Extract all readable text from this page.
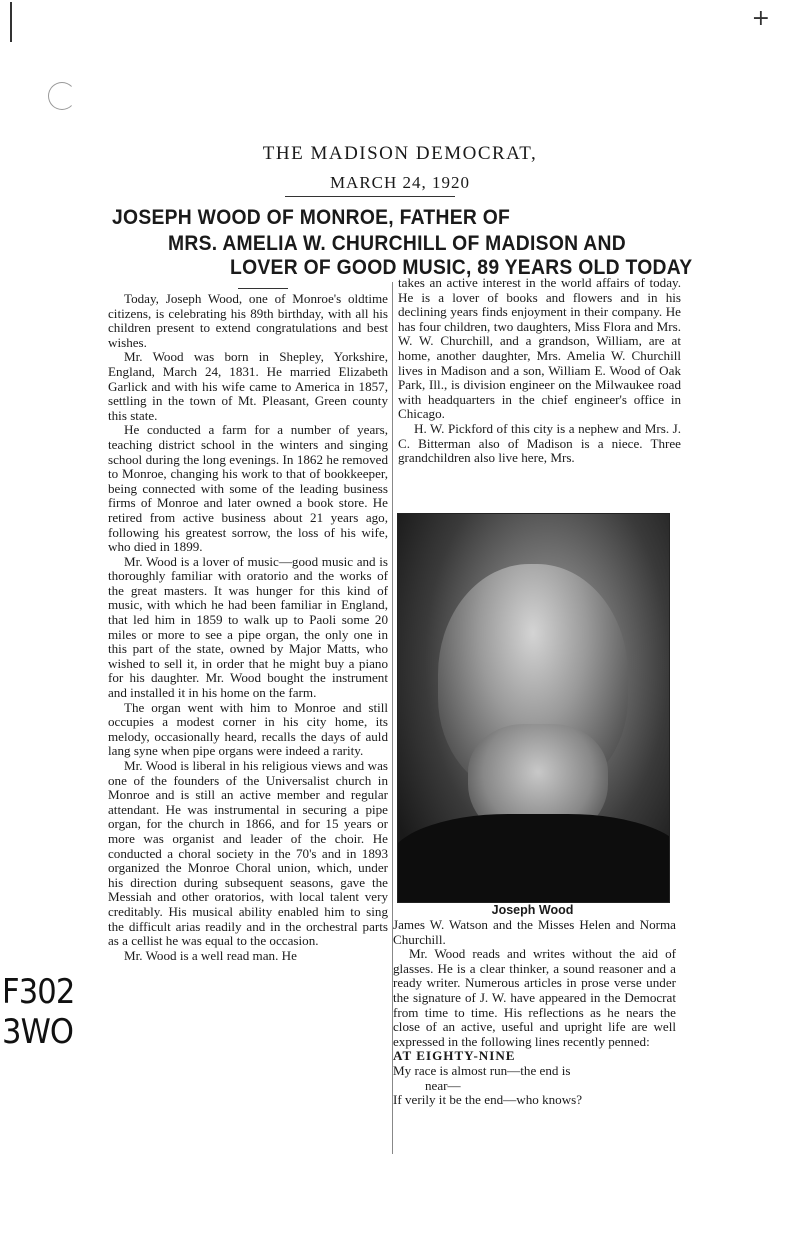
+
THE MADISON DEMOCRAT,
MARCH 24, 1920
JOSEPH WOOD OF MONROE, FATHER OF
MRS. AMELIA W. CHURCHILL OF MADISON AND
LOVER OF GOOD MUSIC, 89 YEARS OLD TODAY

Today, Joseph Wood, one of Monroe's oldtime citizens, is celebrating his 89th birthday, with all his children present to extend congratulations and best wishes.

Mr. Wood was born in Shepley, Yorkshire, England, March 24, 1831. He married Elizabeth Garlick and with his wife came to America in 1857, settling in the town of Mt. Pleasant, Green county this state.

He conducted a farm for a number of years, teaching district school in the winters and singing school during the long evenings. In 1862 he removed to Monroe, changing his work to that of bookkeeper, being connected with some of the leading business firms of Monroe and later owned a book store. He retired from active business about 21 years ago, following his greatest sorrow, the loss of his wife, who died in 1899.

Mr. Wood is a lover of music—good music and is thoroughly familiar with oratorio and the works of the great masters. It was hunger for this kind of music, with which he had been familiar in England, that led him in 1859 to walk up to Paoli some 20 miles or more to see a pipe organ, the only one in this part of the state, owned by Major Matts, who wished to sell it, in order that he might buy a piano for his daughter. Mr. Wood bought the instrument and installed it in his home on the farm.

The organ went with him to Monroe and still occupies a modest corner in his city home, its melody, occasionally heard, recalls the days of auld lang syne when pipe organs were indeed a rarity.

Mr. Wood is liberal in his religious views and was one of the founders of the Universalist church in Monroe and is still an active member and regular attendant. He was instrumental in securing a pipe organ, for the church in 1866, and for 15 years or more was organist and leader of the choir. He conducted a choral society in the 70's and in 1893 organized the Monroe Choral union, which, under his direction during subsequent seasons, gave the Messiah and other oratorios, with local talent very creditably. His musical ability enabled him to sing the difficult arias readily and in the orchestral parts as a cellist he was equal to the occasion.

Mr. Wood is a well read man. He

takes an active interest in the world affairs of today. He is a lover of books and flowers and in his declining years finds enjoyment in their company. He has four children, two daughters, Miss Flora and Mrs. W. W. Churchill, and a grandson, William, are at home, another daughter, Mrs. Amelia W. Churchill lives in Madison and a son, William E. Wood of Oak Park, Ill., is division engineer on the Milwaukee road with headquarters in the chief engineer's office in Chicago.

H. W. Pickford of this city is a nephew and Mrs. J. C. Bitterman also of Madison is a niece. Three grandchildren also live here, Mrs.

Joseph Wood

James W. Watson and the Misses Helen and Norma Churchill.

Mr. Wood reads and writes without the aid of glasses. He is a clear thinker, a sound reasoner and a ready writer. Numerous articles in prose verse under the signature of J. W. have appeared in the Democrat from time to time. His reflections as he nears the close of an active, useful and upright life are well expressed in the following lines recently penned:

AT EIGHTY-NINE

My race is almost run—the end is

near—

If verily it be the end—who knows?

F302
3WO
